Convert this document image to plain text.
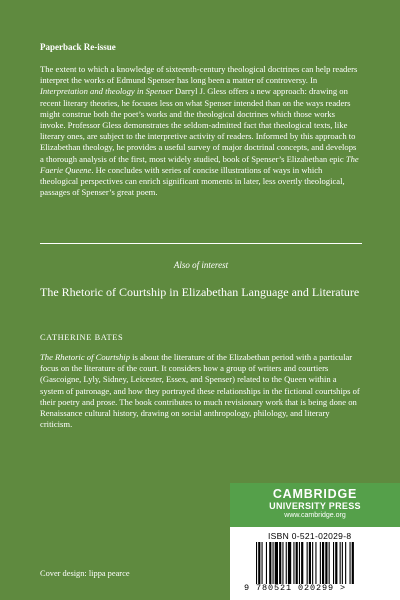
Paperback Re-issue

The extent to which a knowledge of sixteenth-century theological doctrines can help readers interpret the works of Edmund Spenser has long been a matter of controversy. In Interpretation and theology in Spenser Darryl J. Gless offers a new approach: drawing on recent literary theories, he focuses less on what Spenser intended than on the ways readers might construe both the poet’s works and the theological doctrines which those works invoke. Professor Gless demonstrates the seldom-admitted fact that theological texts, like literary ones, are subject to the interpretive activity of readers. Informed by this approach to Elizabethan theology, he provides a useful survey of major doctrinal concepts, and develops a thorough analysis of the first, most widely studied, book of Spenser’s Elizabethan epic The Faerie Queene. He concludes with series of concise illustrations of ways in which theological perspectives can enrich significant moments in later, less overtly theological, passages of Spenser’s great poem.

Also of interest
The Rhetoric of Courtship in Elizabethan Language and Literature
CATHERINE BATES

The Rhetoric of Courtship is about the literature of the Elizabethan period with a particular focus on the literature of the court. It considers how a group of writers and courtiers (Gascoigne, Lyly, Sidney, Leicester, Essex, and Spenser) related to the Queen within a system of patronage, and how they portrayed these relationships in the fictional courtships of their poetry and prose. The book contributes to much revisionary work that is being done on Renaissance cultural history, drawing on social anthropology, philology, and literary criticism.

Cover design: lippa pearce
CAMBRIDGE
UNIVERSITY PRESS
www.cambridge.org
ISBN 0-521-02029-8
9 780521 020299 >
